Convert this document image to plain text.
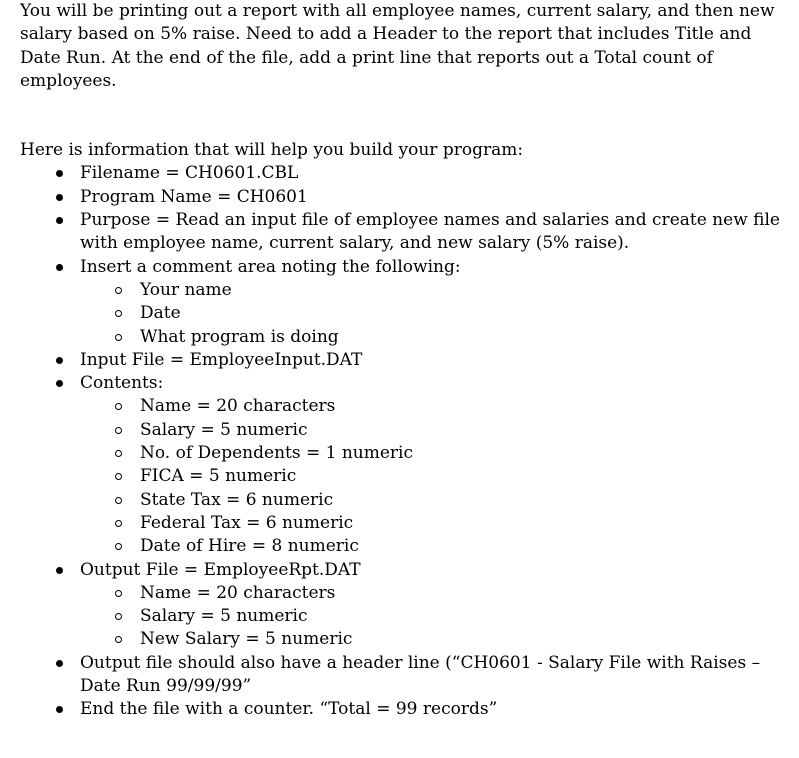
You will be printing out a report with all employee names, current salary, and then new salary based on 5% raise. Need to add a Header to the report that includes Title and Date Run. At the end of the file, add a print line that reports out a Total count of employees.

Here is information that will help you build your program:

Filename = CH0601.CBL
Program Name = CH0601
Purpose = Read an input file of employee names and salaries and create new file with employee name, current salary, and new salary (5% raise).
Insert a comment area noting the following:
Your name
Date
What program is doing
Input File = EmployeeInput.DAT
Contents:
Name = 20 characters
Salary = 5 numeric
No. of Dependents = 1 numeric
FICA = 5 numeric
State Tax = 6 numeric
Federal Tax = 6 numeric
Date of Hire = 8 numeric
Output File = EmployeeRpt.DAT
Name = 20 characters
Salary = 5 numeric
New Salary = 5 numeric
Output file should also have a header line (“CH0601 - Salary File with Raises – Date Run 99/99/99”
End the file with a counter. “Total = 99 records”
